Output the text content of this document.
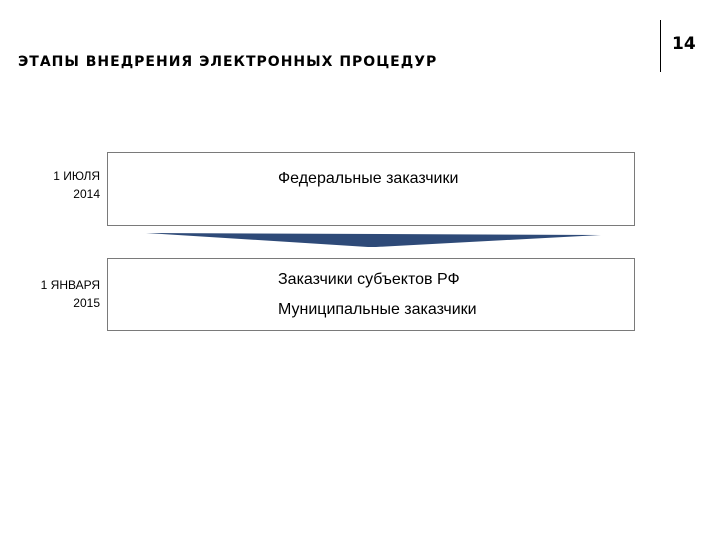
ЭТАПЫ ВНЕДРЕНИЯ ЭЛЕКТРОННЫХ ПРОЦЕДУР
14
1 ИЮЛЯ
2014
Федеральные заказчики
1 ЯНВАРЯ
2015
Заказчики субъектов РФ
Муниципальные заказчики
